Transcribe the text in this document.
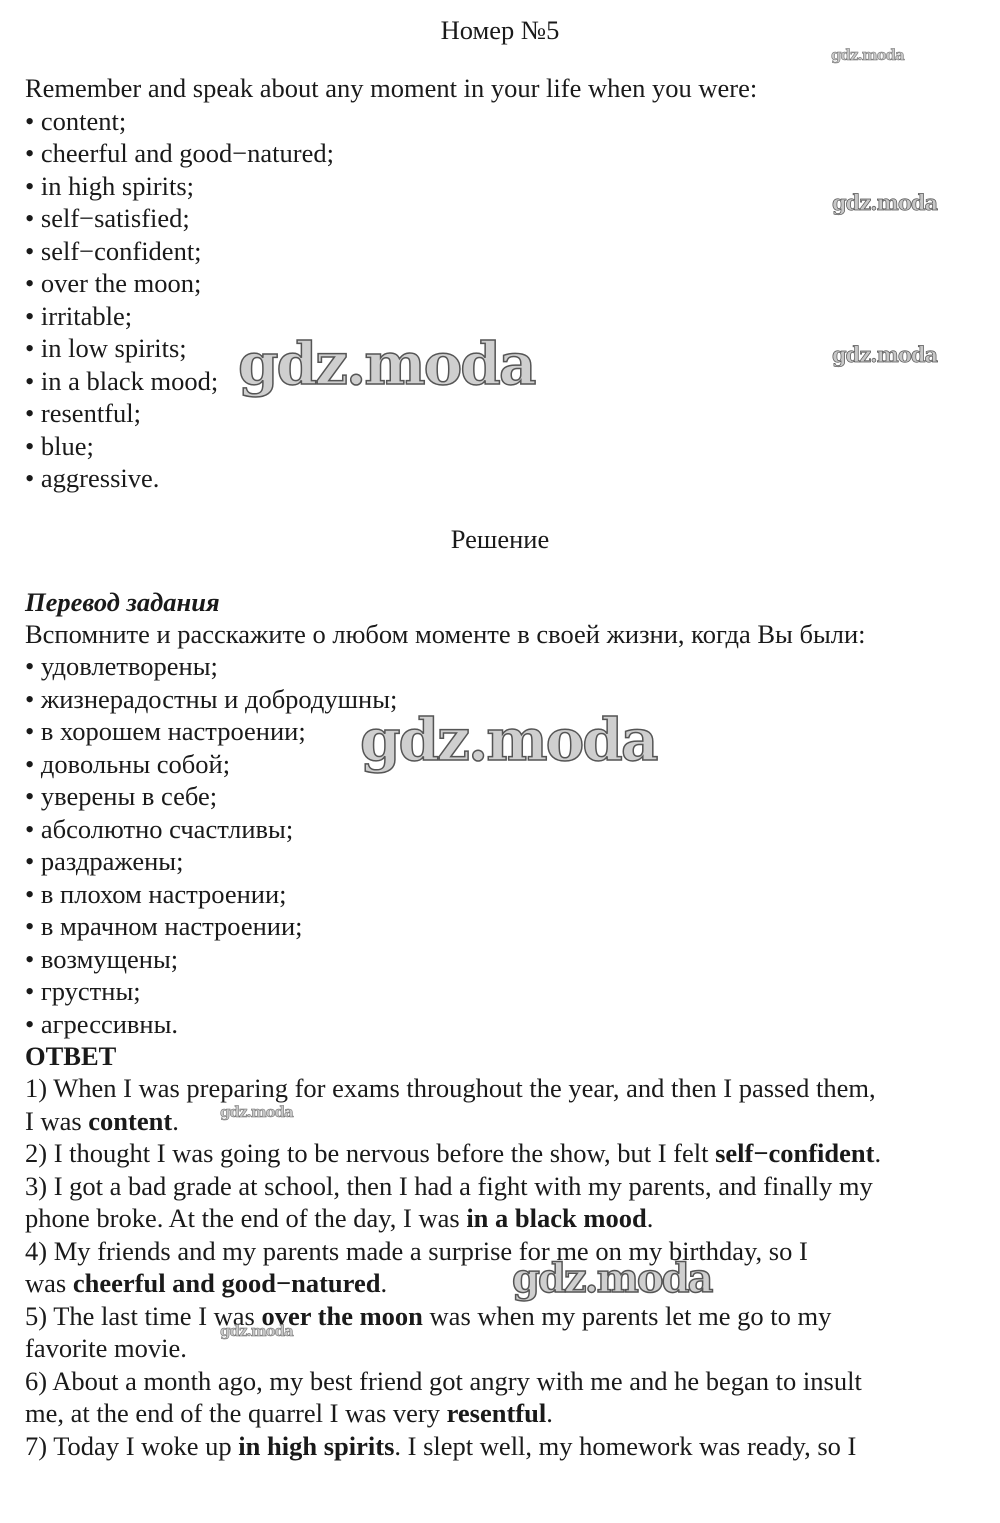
Номер №5
Remember and speak about any moment in your life when you were:
• content;
• cheerful and good−natured;
• in high spirits;
• self−satisfied;
• self−confident;
• over the moon;
• irritable;
• in low spirits;
• in a black mood;
• resentful;
• blue;
• aggressive.
Решение
Перевод задания
Вспомните и расскажите о любом моменте в своей жизни, когда Вы были:
• удовлетворены;
• жизнерадостны и добродушны;
• в хорошем настроении;
• довольны собой;
• уверены в себе;
• абсолютно счастливы;
• раздражены;
• в плохом настроении;
• в мрачном настроении;
• возмущены;
• грустны;
• агрессивны.
ОТВЕТ
1) When I was preparing for exams throughout the year, and then I passed them,
I was content.
2) I thought I was going to be nervous before the show, but I felt self−confident.
3) I got a bad grade at school, then I had a fight with my parents, and finally my
phone broke. At the end of the day, I was in a black mood.
4) My friends and my parents made a surprise for me on my birthday, so I
was cheerful and good−natured.
5) The last time I was over the moon was when my parents let me go to my
favorite movie.
6) About a month ago, my best friend got angry with me and he began to insult
me, at the end of the quarrel I was very resentful.
7) Today I woke up in high spirits. I slept well, my homework was ready, so I
gdz.moda
gdz.moda
gdz.moda
gdz.moda
gdz.moda
gdz.moda
gdz.moda
gdz.moda
